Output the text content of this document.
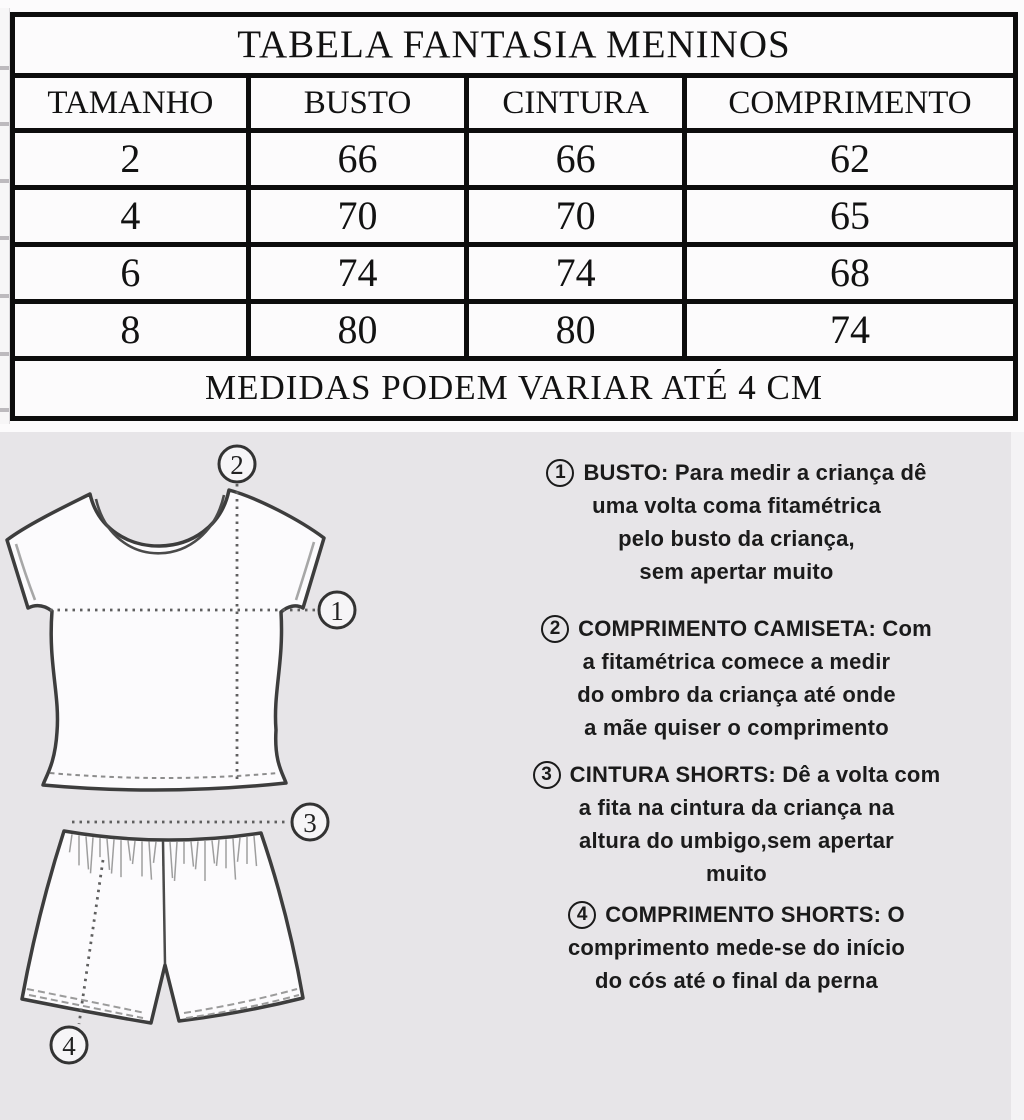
TABELA FANTASIA MENINOS			
TAMANHO	BUSTO	CINTURA	COMPRIMENTO
2	66	66	62
4	70	70	65
6	74	74	68
8	80	80	74
MEDIDAS PODEM VARIAR ATÉ 4 CM			
2
1
3
4
1 BUSTO: Para medir a criança dê
uma volta coma fitamétrica
pelo busto da criança,
sem apertar muito
2 COMPRIMENTO CAMISETA: Com
a fitamétrica comece a medir
do ombro da criança até onde
a mãe quiser o comprimento
3 CINTURA SHORTS: Dê a volta com
a fita na cintura da criança na
altura do umbigo,sem apertar
muito
4 COMPRIMENTO SHORTS: O
comprimento mede-se do início
do cós até o final da perna
